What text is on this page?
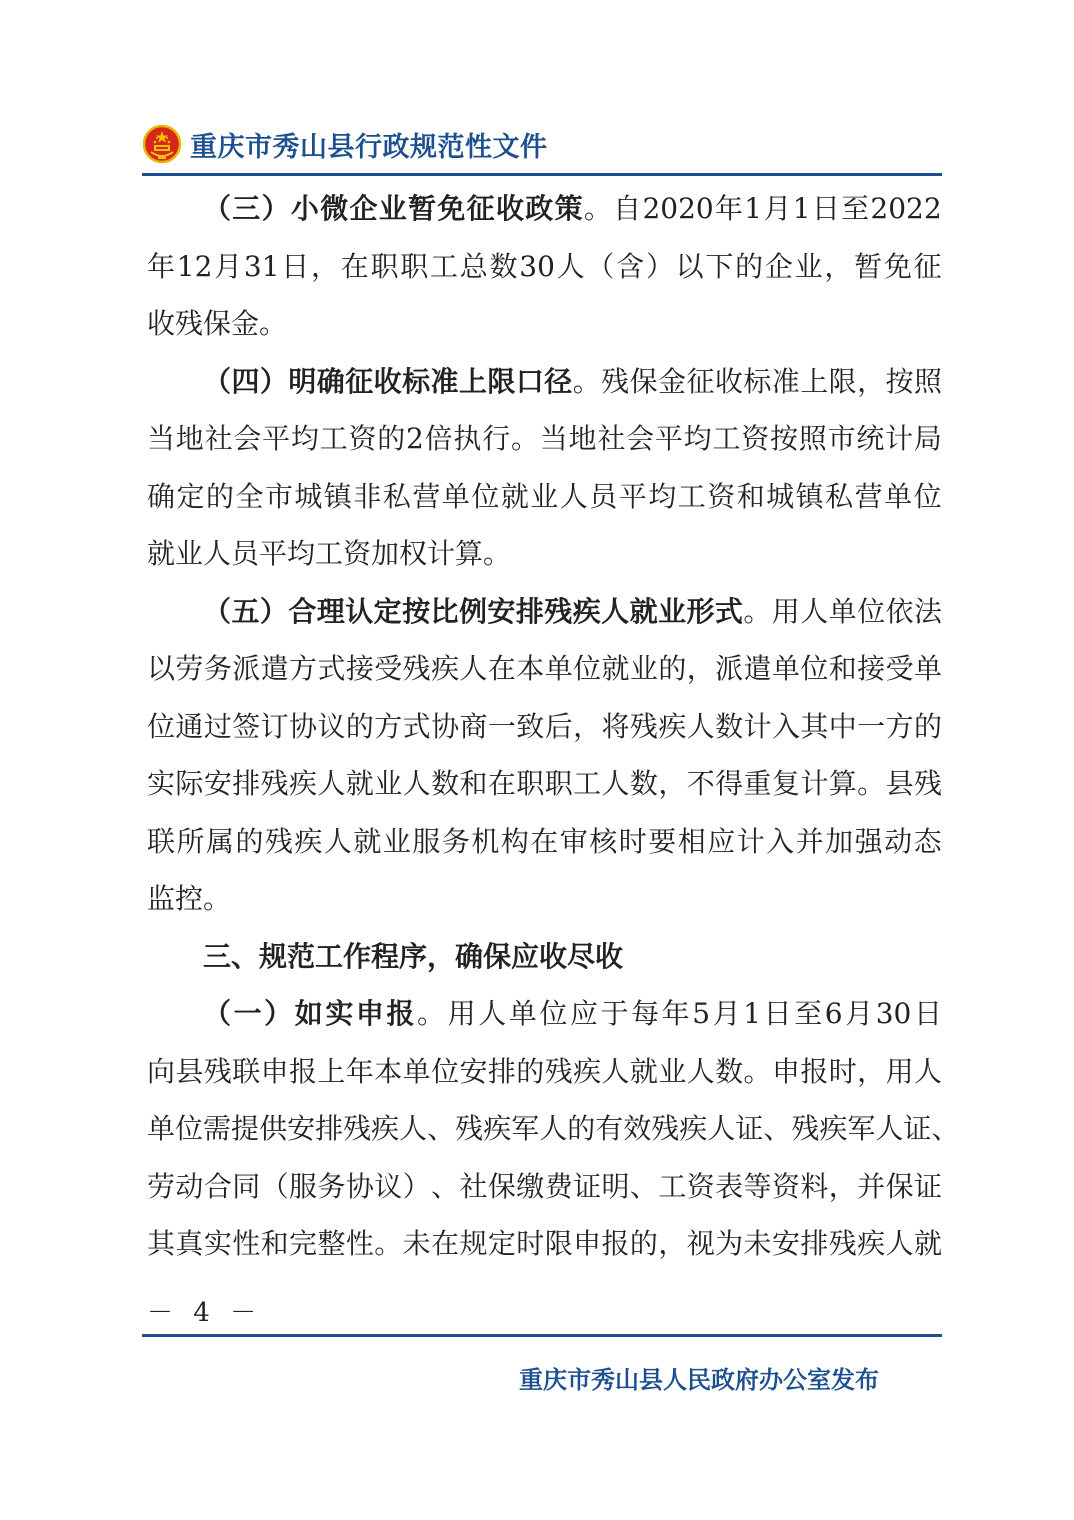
重庆市秀山县行政规范性文件
（ 三 ） 小 微 企 业 暂 免 征 收 政 策 。 自 2020 年 1 月 1 日 至 2022
年 12 月 31 日 ， 在 职 职 工 总 数 30 人 （ 含 ） 以 下 的 企 业 ， 暂 免 征
收残保金。
（ 四 ） 明 确 征 收 标 准 上 限 口 径 。 残 保 金 征 收 标 准 上 限 ， 按 照
当 地 社 会 平 均 工 资 的 2 倍 执 行 。 当 地 社 会 平 均 工 资 按 照 市 统 计 局
确 定 的 全 市 城 镇 非 私 营 单 位 就 业 人 员 平 均 工 资 和 城 镇 私 营 单 位
就业人员平均工资加权计算。
（ 五 ） 合 理 认 定 按 比 例 安 排 残 疾 人 就 业 形 式 。 用 人 单 位 依 法
以 劳 务 派 遣 方 式 接 受 残 疾 人 在 本 单 位 就 业 的 ， 派 遣 单 位 和 接 受 单
位 通 过 签 订 协 议 的 方 式 协 商 一 致 后 ， 将 残 疾 人 数 计 入 其 中 一 方 的
实 际 安 排 残 疾 人 就 业 人 数 和 在 职 职 工 人 数 ， 不 得 重 复 计 算 。 县 残
联 所 属 的 残 疾 人 就 业 服 务 机 构 在 审 核 时 要 相 应 计 入 并 加 强 动 态
监控。
三、规范工作程序，确保应收尽收
（ 一 ） 如 实 申 报 。 用 人 单 位 应 于 每 年 5 月 1 日 至 6 月 30 日
向 县 残 联 申 报 上 年 本 单 位 安 排 的 残 疾 人 就 业 人 数 。 申 报 时 ， 用 人
单 位 需 提 供 安 排 残 疾 人 、 残 疾 军 人 的 有 效 残 疾 人 证 、 残 疾 军 人 证 、
劳 动 合 同 （ 服 务 协 议 ） 、 社 保 缴 费 证 明 、 工 资 表 等 资 料 ， 并 保 证
其 真 实 性 和 完 整 性 。 未 在 规 定 时 限 申 报 的 ， 视 为 未 安 排 残 疾 人 就
－ 4 －
重庆市秀山县人民政府办公室发布
